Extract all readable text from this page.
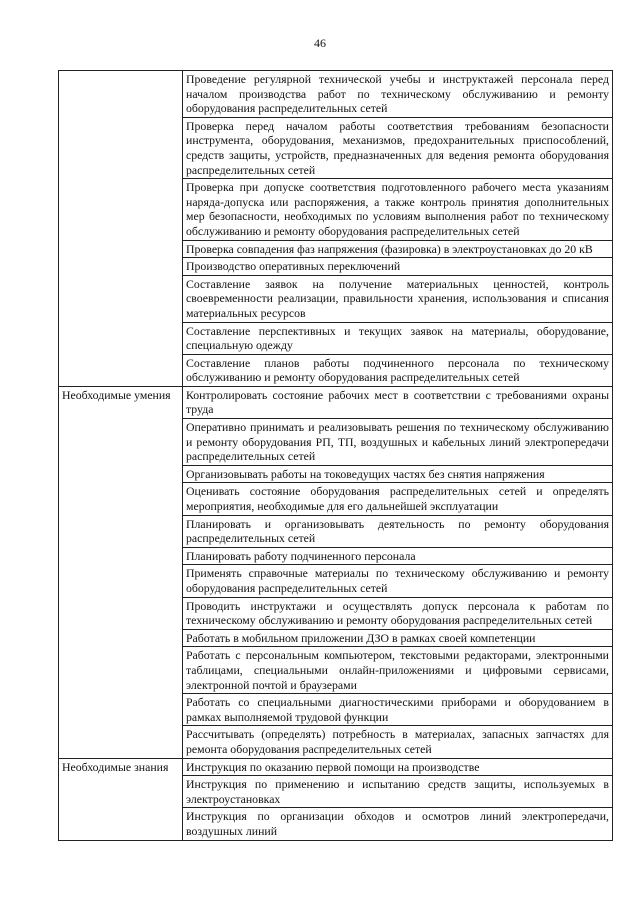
46
	Проведение регулярной технической учебы и инструктажей персонала перед началом производства работ по техническому обслуживанию и ремонту оборудования распределительных сетей
	Проверка перед началом работы соответствия требованиям безопасности инструмента, оборудования, механизмов, предохранительных приспособлений, средств защиты, устройств, предназначенных для ведения ремонта оборудования распределительных сетей
	Проверка при допуске соответствия подготовленного рабочего места указаниям наряда-допуска или распоряжения, а также контроль принятия дополнительных мер безопасности, необходимых по условиям выполнения работ по техническому обслуживанию и ремонту оборудования распределительных сетей
	Проверка совпадения фаз напряжения (фазировка) в электроустановках до 20 кВ
	Производство оперативных переключений
	Составление заявок на получение материальных ценностей, контроль своевременности реализации, правильности хранения, использования и списания материальных ресурсов
	Составление перспективных и текущих заявок на материалы, оборудование, специальную одежду
	Составление планов работы подчиненного персонала по техническому обслуживанию и ремонту оборудования распределительных сетей
Необходимые умения	Контролировать состояние рабочих мест в соответствии с требованиями охраны труда
	Оперативно принимать и реализовывать решения по техническому обслуживанию и ремонту оборудования РП, ТП, воздушных и кабельных линий электропередачи распределительных сетей
	Организовывать работы на токоведущих частях без снятия напряжения
	Оценивать состояние оборудования распределительных сетей и определять мероприятия, необходимые для его дальнейшей эксплуатации
	Планировать и организовывать деятельность по ремонту оборудования распределительных сетей
	Планировать работу подчиненного персонала
	Применять справочные материалы по техническому обслуживанию и ремонту оборудования распределительных сетей
	Проводить инструктажи и осуществлять допуск персонала к работам по техническому обслуживанию и ремонту оборудования распределительных сетей
	Работать в мобильном приложении ДЗО в рамках своей компетенции
	Работать с персональным компьютером, текстовыми редакторами, электронными таблицами, специальными онлайн-приложениями и цифровыми сервисами, электронной почтой и браузерами
	Работать со специальными диагностическими приборами и оборудованием в рамках выполняемой трудовой функции
	Рассчитывать (определять) потребность в материалах, запасных запчастях для ремонта оборудования распределительных сетей
Необходимые знания	Инструкция по оказанию первой помощи на производстве
	Инструкция по применению и испытанию средств защиты, используемых в электроустановках
	Инструкция по организации обходов и осмотров линий электропередачи, воздушных линий
